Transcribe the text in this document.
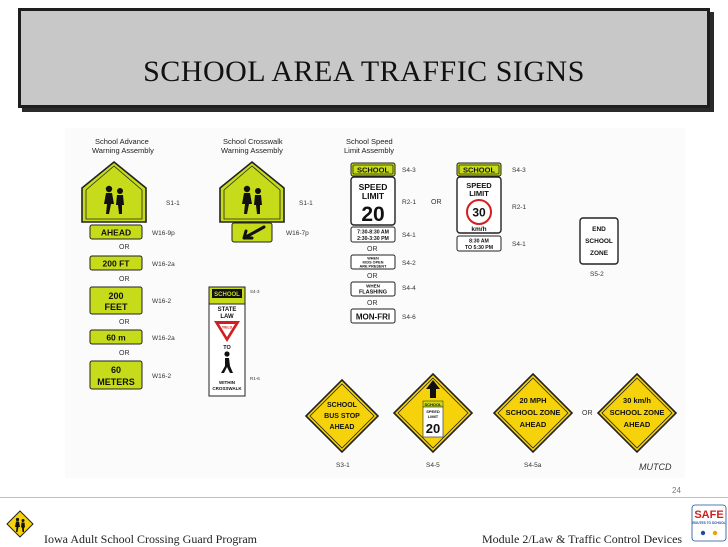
SCHOOL AREA TRAFFIC SIGNS
School Advance
Warning Assembly
S1-1
AHEAD	W16-9p
OR
200 FT	W16-2a
OR
200
FEET
W16-2
OR
60 m	W16-2a
OR
60
METERS
W16-2
School Crosswalk
Warning Assembly
S1-1
W16-7p
SCHOOL
STATE
LAW
YIELD
TO
WITHIN
CROSSWALK
S4-3
R1-6
School Speed
Limit Assembly
SCHOOL S4-3
SPEED
LIMIT
20
R2-1 OR
7:30-8:30 AM
2:30-3:30 PM S4-1
OR
WHEN
KIDS OPEN
ARE PRESENT S4-2
OR
WHEN
FLASHING
S4-4
OR
MON-FRI S4-6
SCHOOL	S4-3
SPEED
LIMIT
30
km/h
R2-1
8:30 AM
TO 5:30 PM	S4-1
END
SCHOOL
ZONE
S5-2
SCHOOL
BUS STOP
AHEAD
S3-1
SCHOOL
SPEED
LIMIT
20
S4-5
20 MPH
SCHOOL ZONE
AHEAD
S4-5a
OR
30 km/h
SCHOOL ZONE
AHEAD
MUTCD
SAFE
ROUTES TO SCHOOL
24
Iowa Adult School Crossing Guard Program	Module 2/Law & Traffic Control Devices
